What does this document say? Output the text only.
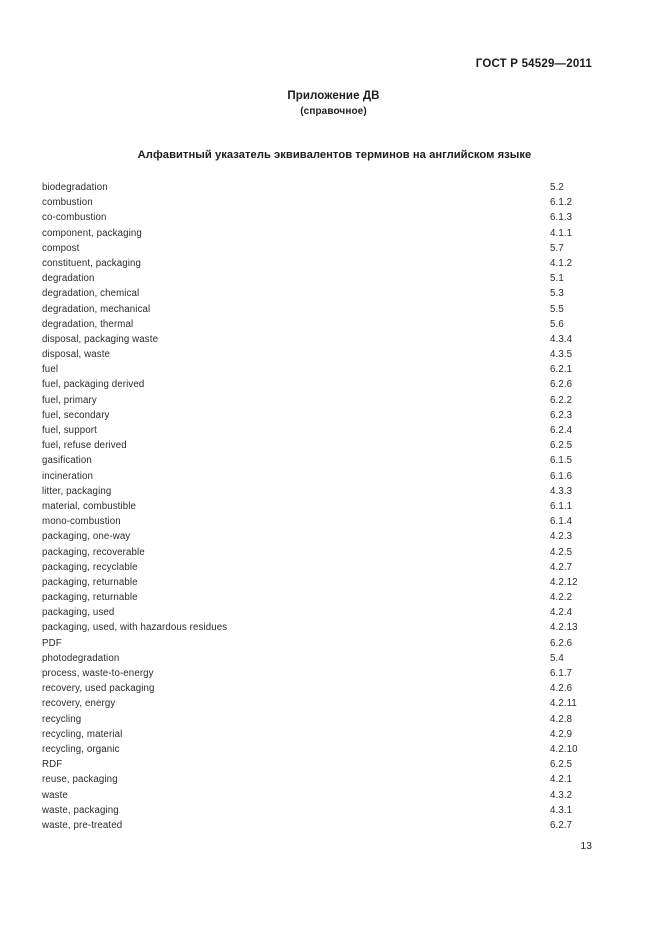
ГОСТ Р 54529—2011
Приложение ДВ
(справочное)
Алфавитный указатель эквивалентов терминов на английском языке
biodegradation	5.2
combustion	6.1.2
co-combustion	6.1.3
component, packaging	4.1.1
compost	5.7
constituent, packaging	4.1.2
degradation	5.1
degradation, chemical	5.3
degradation, mechanical	5.5
degradation, thermal	5.6
disposal, packaging waste	4.3.4
disposal, waste	4.3.5
fuel	6.2.1
fuel, packaging derived	6.2.6
fuel, primary	6.2.2
fuel, secondary	6.2.3
fuel, support	6.2.4
fuel, refuse derived	6.2.5
gasification	6.1.5
incineration	6.1.6
litter, packaging	4.3.3
material, combustible	6.1.1
mono-combustion	6.1.4
packaging, one-way	4.2.3
packaging, recoverable	4.2.5
packaging, recyclable	4.2.7
packaging, returnable	4.2.12
packaging, returnable	4.2.2
packaging, used	4.2.4
packaging, used, with hazardous residues	4.2.13
PDF	6.2.6
photodegradation	5.4
process, waste-to-energy	6.1.7
recovery, used packaging	4.2.6
recovery, energy	4.2.11
recycling	4.2.8
recycling, material	4.2.9
recycling, organic	4.2.10
RDF	6.2.5
reuse, packaging	4.2.1
waste	4.3.2
waste, packaging	4.3.1
waste, pre-treated	6.2.7
13
